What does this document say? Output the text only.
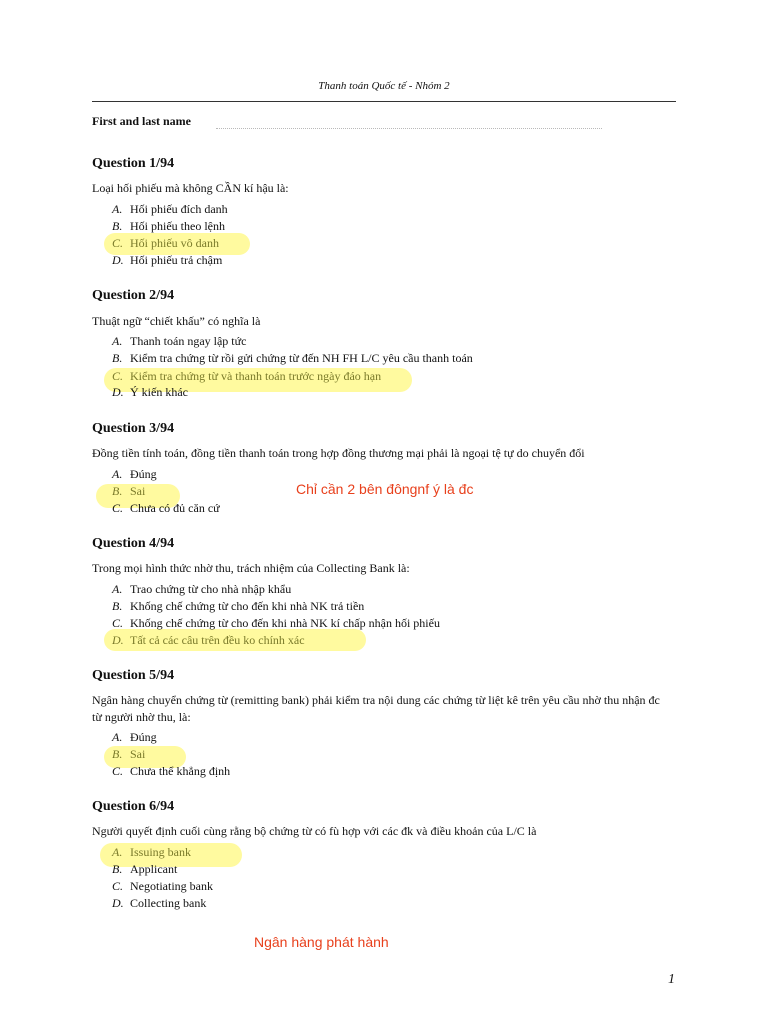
Thanh toán Quốc tế - Nhóm 2
First and last name
Question 1/94
Loại hối phiếu mà không CẦN kí hậu là:
A. Hối phiếu đích danh
B. Hối phiếu theo lệnh
C. Hối phiếu vô danh
D. Hối phiếu trả chậm
Question 2/94
Thuật ngữ “chiết khấu” có nghĩa là
A. Thanh toán ngay lập tức
B. Kiểm tra chứng từ rồi gửi chứng từ đến NH FH L/C yêu cầu thanh toán
C. Kiểm tra chứng từ và thanh toán trước ngày đáo hạn
D. Ý kiến khác
Question 3/94
Đồng tiền tính toán, đồng tiền thanh toán trong hợp đồng thương mại phải là ngoại tệ tự do chuyển đổi
A. Đúng
B. Sai
C. Chưa có đủ căn cứ
Chỉ cần 2 bên đôngnf ý là đc
Question 4/94
Trong mọi hình thức nhờ thu, trách nhiệm của Collecting Bank là:
A. Trao chứng từ cho nhà nhập khẩu
B. Khống chế chứng từ cho đến khi nhà NK trả tiền
C. Khống chế chứng từ cho đến khi nhà NK kí chấp nhận hối phiếu
D. Tất cả các câu trên đều ko chính xác
Question 5/94
Ngân hàng chuyển chứng từ (remitting bank) phải kiểm tra nội dung các chứng từ liệt kê trên yêu cầu nhờ thu nhận đc từ người nhờ thu, là:
A. Đúng
B. Sai
C. Chưa thể khẳng định
Question 6/94
Người quyết định cuối cùng rằng bộ chứng từ có fù hợp với các đk và điều khoản của L/C là
A. Issuing bank
B. Applicant
C. Negotiating bank
D. Collecting bank
Ngân hàng phát hành
1
